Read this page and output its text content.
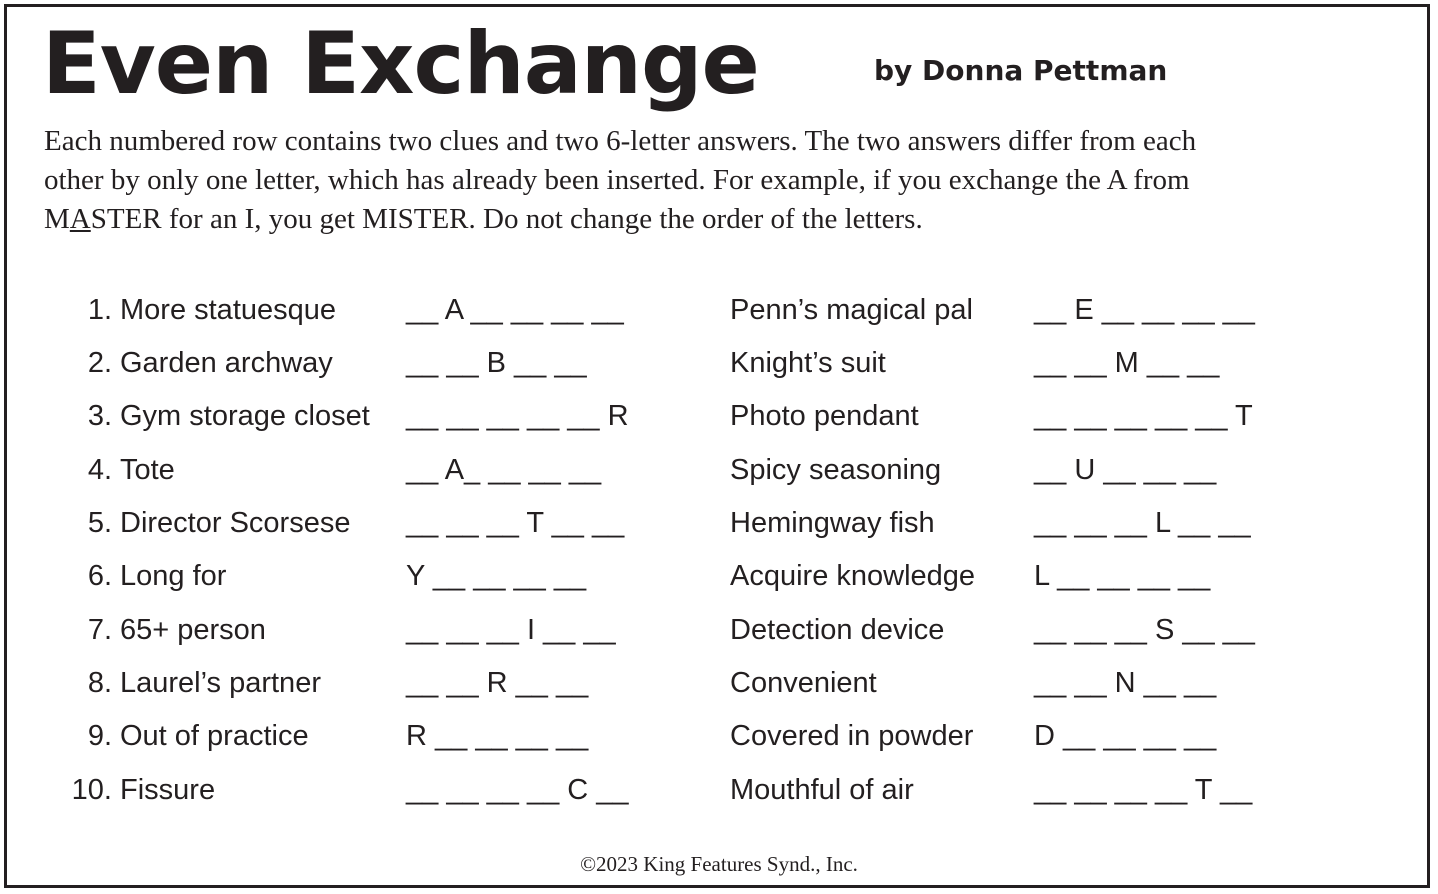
Even Exchange	by Donna Pettman

Each numbered row contains two clues and two 6-letter answers. The two answers differ from each

other by only one letter, which has already been inserted. For example, if you exchange the A from

MASTER for an I, you get MISTER. Do not change the order of the letters.

1. More statuesque __ A __ __ __ __	Penn’s magical pal __ E __ __ __ __
2. Garden archway	__ __ B __ __	Knight’s suit	__ __ M __ __
3. Gym storage closet __ __ __ __ __ R	Photo pendant	__ __ __ __ __ T
4. Tote	__ A_ __ __ __	Spicy seasoning	__ U __ __ __
5. Director Scorsese __ __ __ T __ __	Hemingway fish	__ __ __ L __ __
6. Long for	Y __ __ __ __	Acquire knowledge L __ __ __ __
7. 65+ person	__ __ __ I __ __	Detection device	__ __ __ S __ __
8. Laurel’s partner	__ __ R __ __	Convenient	__ __ N __ __
9. Out of practice	R __ __ __ __	Covered in powder D __ __ __ __
10. Fissure	__ __ __ __ C __	Mouthful of air	__ __ __ __ T __
©2023 King Features Synd., Inc.
